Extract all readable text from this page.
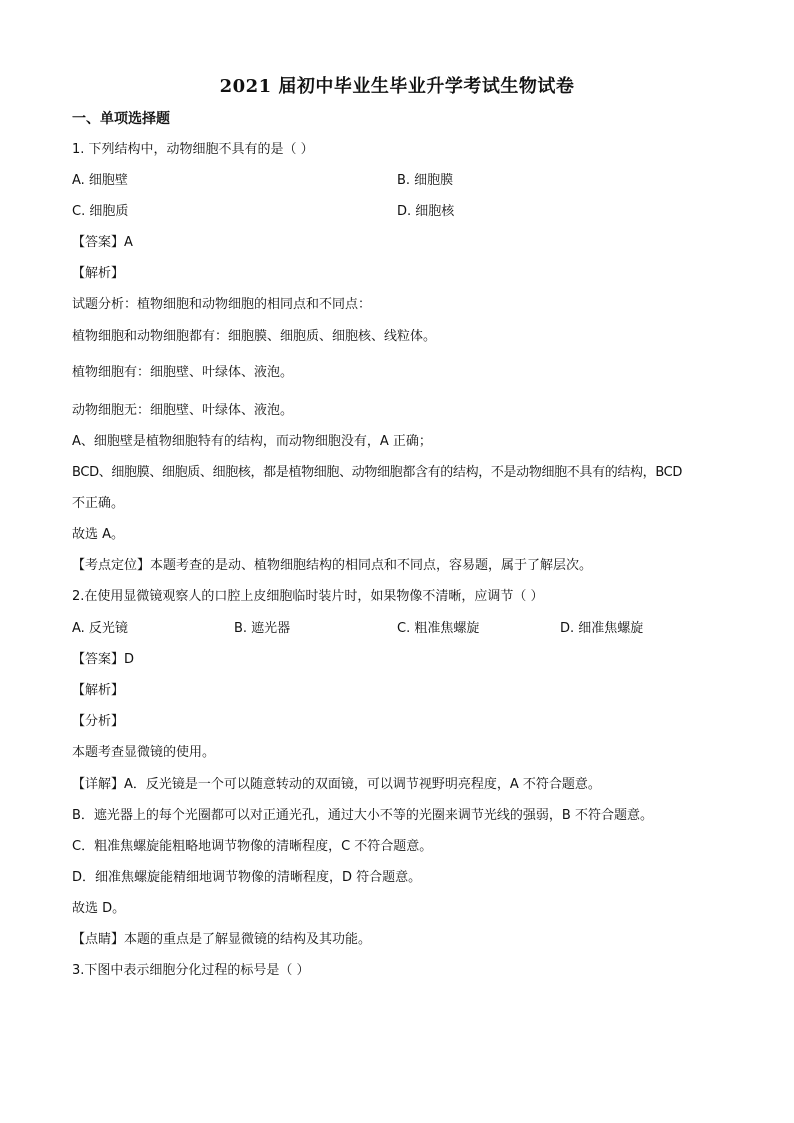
2021 届初中毕业生毕业升学考试生物试卷
一、单项选择题
1. 下列结构中，动物细胞不具有的是（ ）
A. 细胞壁	B. 细胞膜
C. 细胞质	D. 细胞核
【答案】A
【解析】
试题分析：植物细胞和动物细胞的相同点和不同点：
植物细胞和动物细胞都有：细胞膜、细胞质、细胞核、线粒体。
植物细胞有：细胞壁、叶绿体、液泡。
动物细胞无：细胞壁、叶绿体、液泡。
A、细胞壁是植物细胞特有的结构，而动物细胞没有，A 正确；
BCD、细胞膜、细胞质、细胞核，都是植物细胞、动物细胞都含有的结构，不是动物细胞不具有的结构，BCD
不正确。
故选 A。
【考点定位】本题考查的是动、植物细胞结构的相同点和不同点，容易题，属于了解层次。
2.在使用显微镜观察人的口腔上皮细胞临时装片时，如果物像不清晰，应调节（ ）
A. 反光镜	B. 遮光器	C. 粗准焦螺旋	D. 细准焦螺旋
【答案】D
【解析】
【分析】
本题考查显微镜的使用。
【详解】A．反光镜是一个可以随意转动的双面镜，可以调节视野明亮程度，A 不符合题意。
B．遮光器上的每个光圈都可以对正通光孔，通过大小不等的光圈来调节光线的强弱，B 不符合题意。
C．粗准焦螺旋能粗略地调节物像的清晰程度，C 不符合题意。
D．细准焦螺旋能精细地调节物像的清晰程度，D 符合题意。
故选 D。
【点睛】本题的重点是了解显微镜的结构及其功能。
3.下图中表示细胞分化过程的标号是（ ）
